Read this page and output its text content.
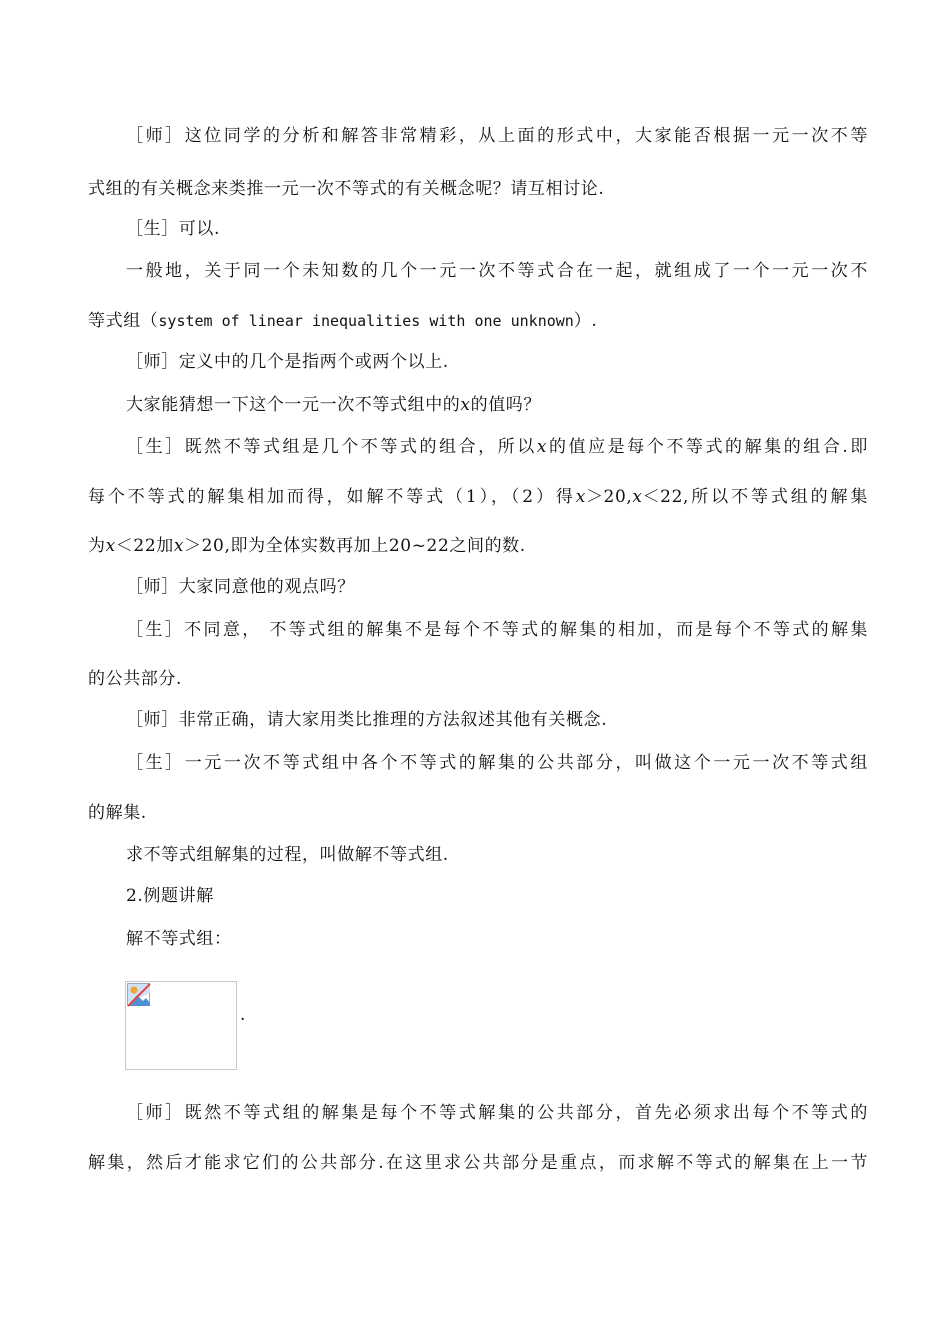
［师］这位同学的分析和解答非常精彩，从上面的形式中，大家能否根据一元一次不等
式组的有关概念来类推一元一次不等式的有关概念呢？请互相讨论.
［生］可以.
一般地，关于同一个未知数的几个一元一次不等式合在一起，就组成了一个一元一次不
等式组（system of linear inequalities with one unknown）.
［师］定义中的几个是指两个或两个以上.
大家能猜想一下这个一元一次不等式组中的x的值吗？
［生］既然不等式组是几个不等式的组合，所以x的值应是每个不等式的解集的组合.即
每个不等式的解集相加而得，如解不等式（1），（2）得x＞20,x＜22,所以不等式组的解集
为x＜22加x＞20,即为全体实数再加上20~22之间的数.
［师］大家同意他的观点吗？
［生］不同意， 不等式组的解集不是每个不等式的解集的相加，而是每个不等式的解集
的公共部分.
［师］非常正确，请大家用类比推理的方法叙述其他有关概念.
［生］一元一次不等式组中各个不等式的解集的公共部分，叫做这个一元一次不等式组
的解集.
求不等式组解集的过程，叫做解不等式组.
2.例题讲解
解不等式组：
.
［师］既然不等式组的解集是每个不等式解集的公共部分，首先必须求出每个不等式的
解集，然后才能求它们的公共部分.在这里求公共部分是重点，而求解不等式的解集在上一节
